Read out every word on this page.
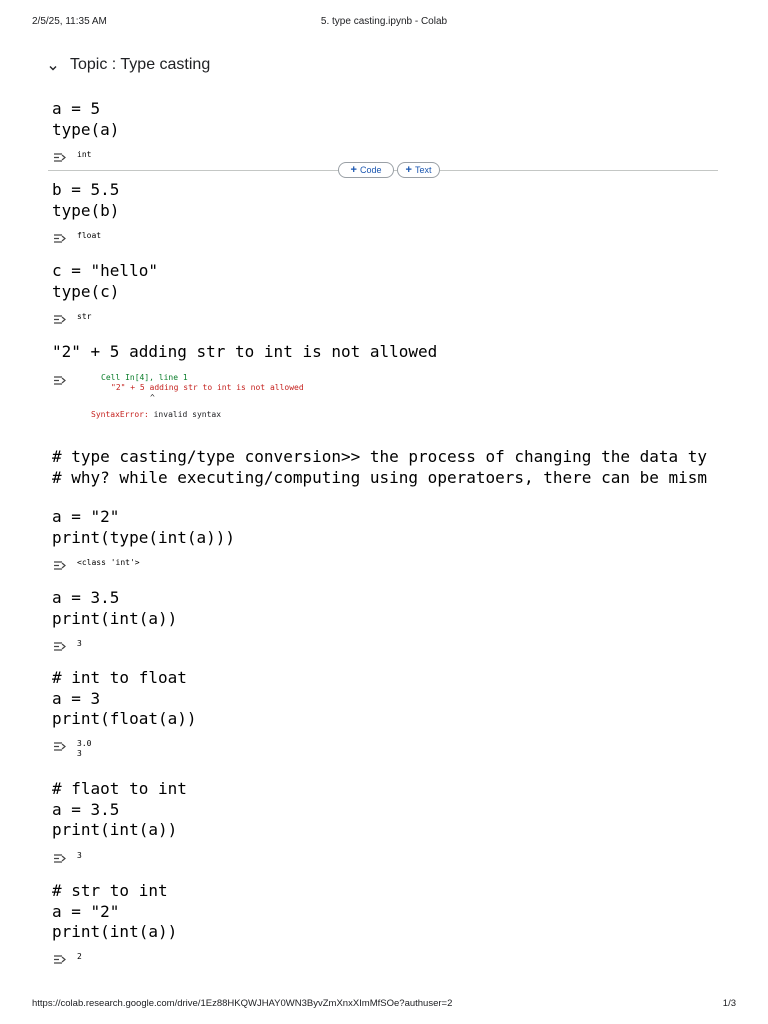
2/5/25, 11:35 AM	5. type casting.ipynb - Colab
Topic : Type casting
a = 5
type(a)
int
+ Code + Text
b = 5.5
type(b)
float
c = "hello"
type(c)
str
"2" + 5 adding str to int is not allowed
Cell In[4], line 1
"2" + 5 adding str to int is not allowed
^
SyntaxError: invalid syntax
# type casting/type conversion>> the process of changing the data ty
# why? while executing/computing using operatoers, there can be mism
a = "2"
print(type(int(a)))
<class 'int'>
a = 3.5
print(int(a))
3
# int to float
a = 3
print(float(a))
3.0
3
# flaot to int
a = 3.5
print(int(a))
3
# str to int
a = "2"
print(int(a))
2
https://colab.research.google.com/drive/1Ez88HKQWJHAY0WN3ByvZmXnxXImMfSOe?authuser=2	1/3
